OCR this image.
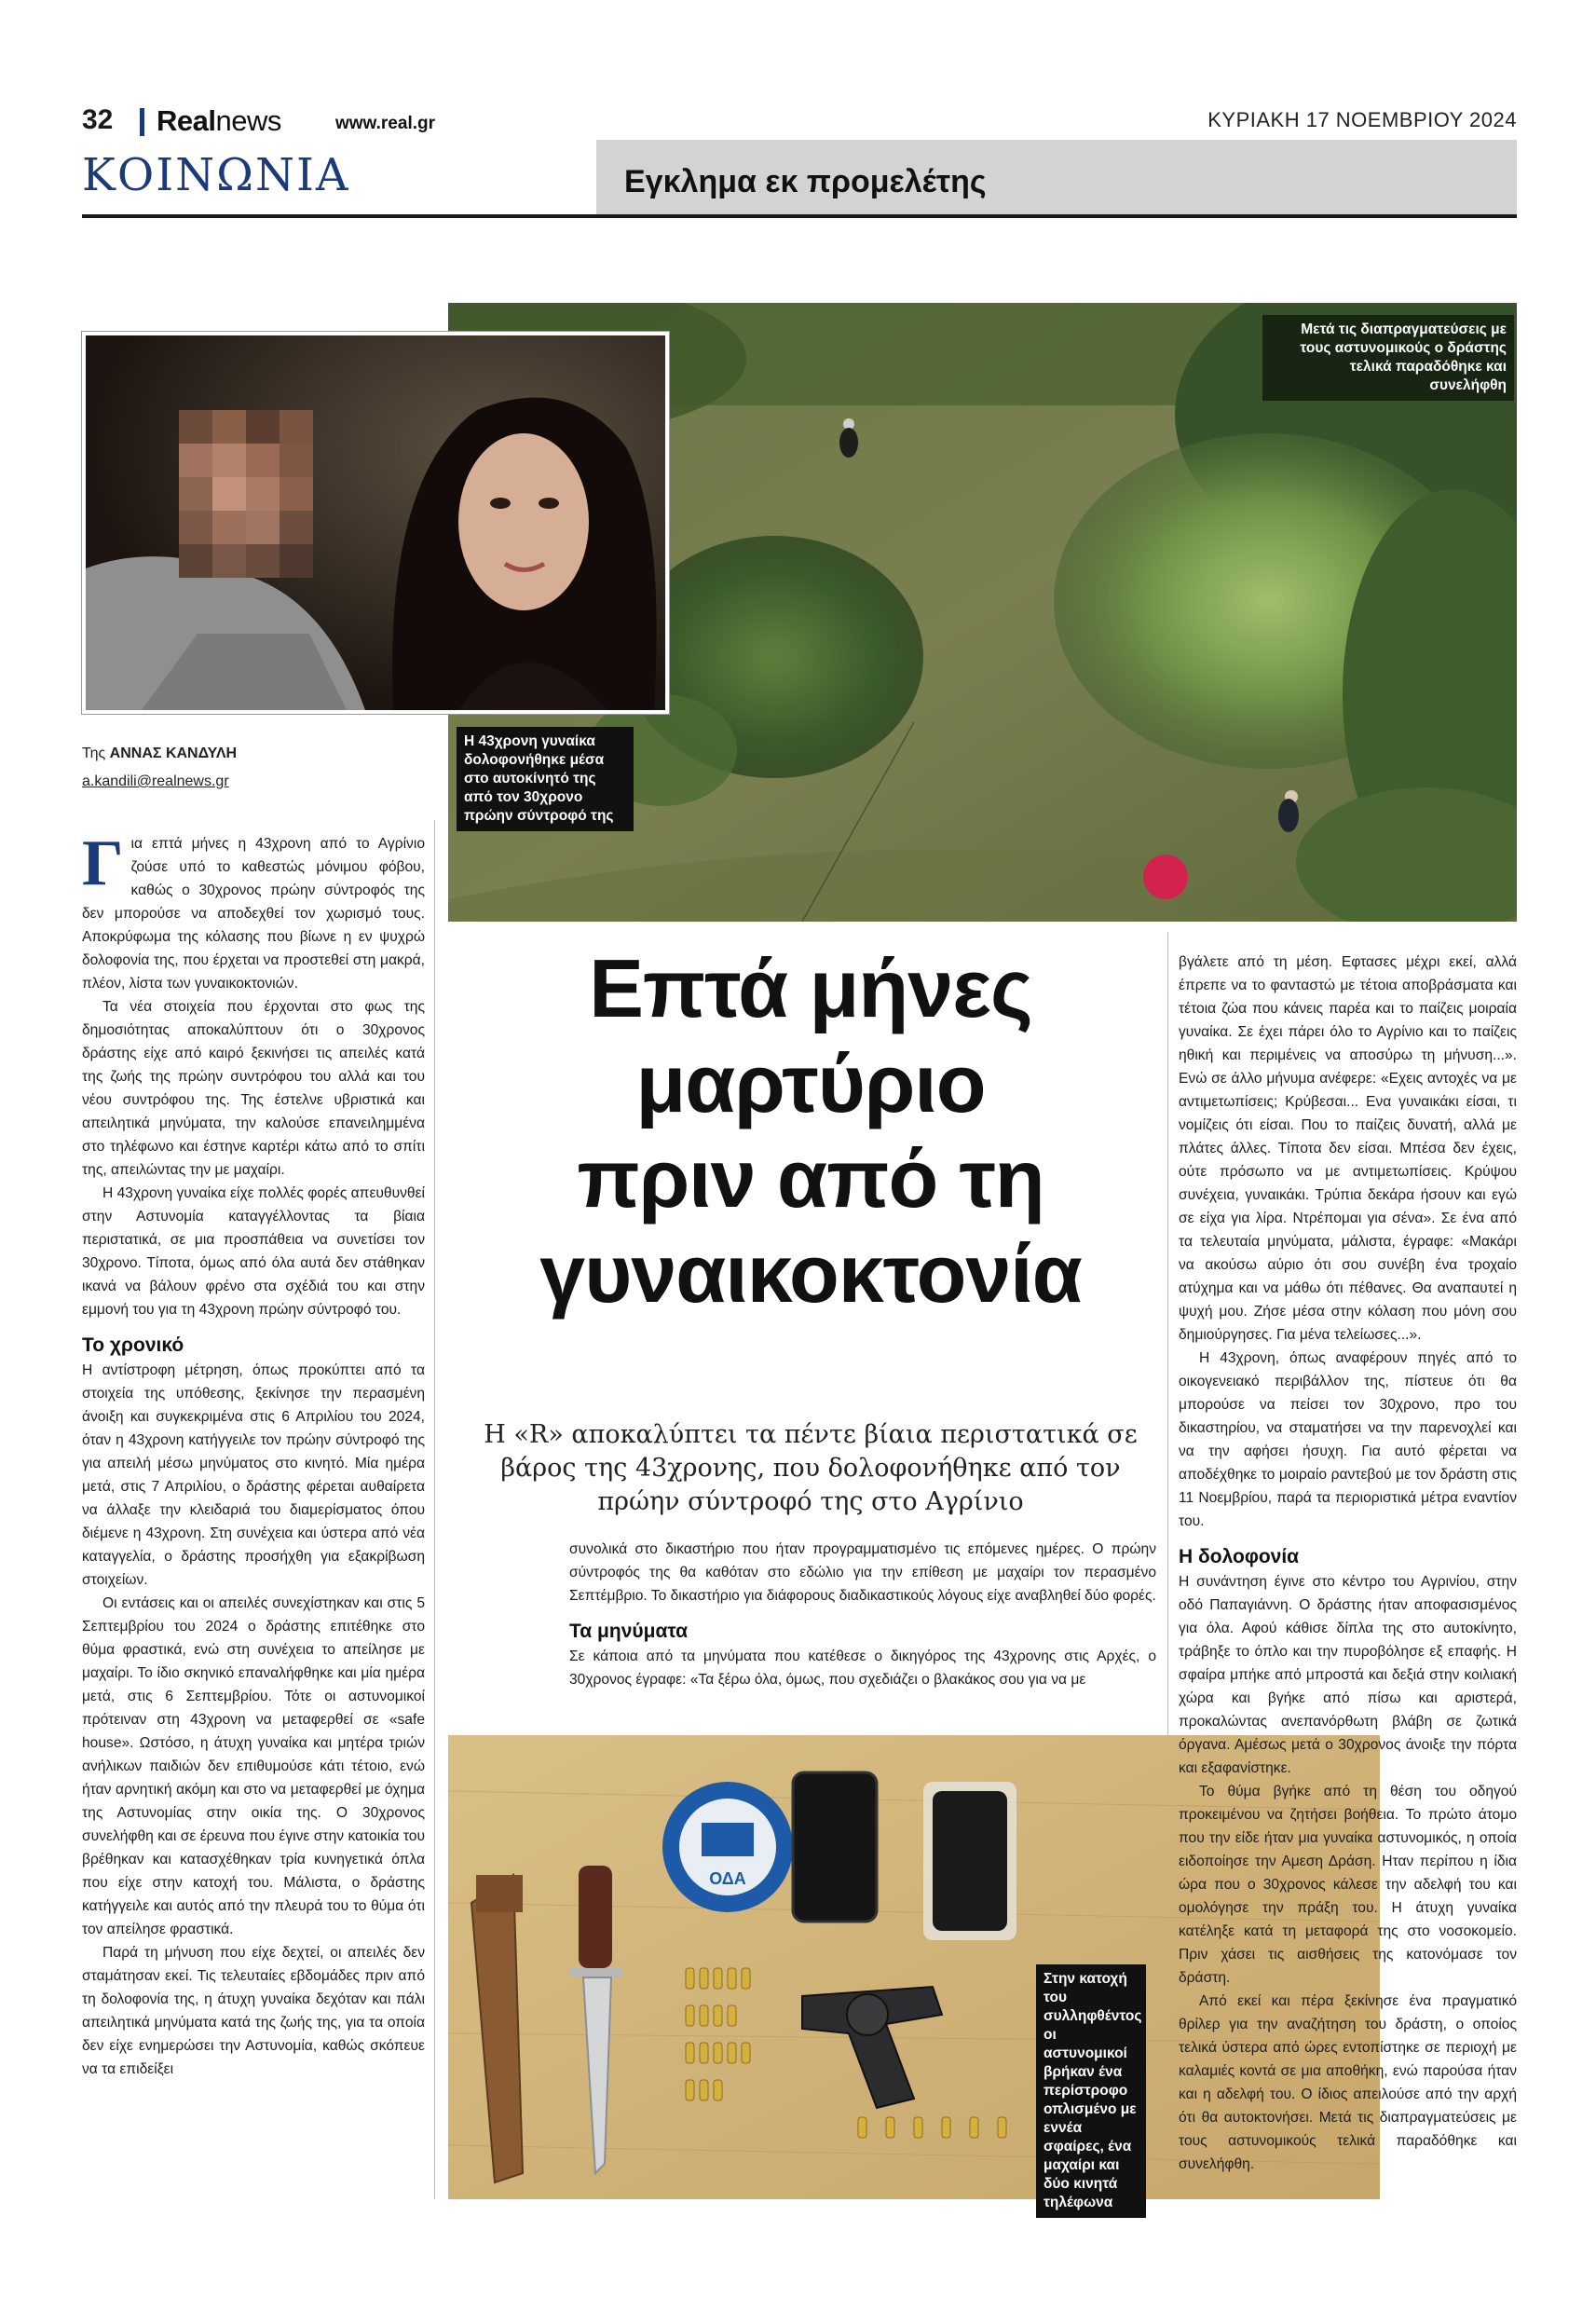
32 Realnews	www.real.gr	ΚΥΡΙΑΚΗ 17 ΝΟΕΜΒΡΙΟΥ 2024
ΚΟΙΝΩΝΙΑ	Εγκλημα εκ προμελέτης
Η 43χρονη γυναίκα δολοφονήθηκε μέσα στο αυτοκίνητό της από τον 30χρονο πρώην σύντροφό της
Μετά τις διαπραγματεύσεις με τους αστυνομικούς ο δράστης τελικά παραδόθηκε και συνελήφθη
Της ΑΝΝΑΣ ΚΑΝΔΥΛΗ
a.kandili@realnews.gr
Επτά μήνες
μαρτύριο
πριν από τη
γυναικοκτονία
Η «R» αποκαλύπτει τα πέντε βίαια περιστατικά σε βάρος της 43χρονης, που δολοφονήθηκε από τον πρώην σύντροφό της στο Αγρίνιο

Για επτά μήνες η 43χρονη από το Αγρίνιο ζούσε υπό το καθεστώς μόνιμου φόβου, καθώς ο 30χρονος πρώην σύντροφός της δεν μπορούσε να αποδεχθεί τον χωρισμό τους. Αποκρύφωμα της κόλασης που βίωνε η εν ψυχρώ δολοφονία της, που έρχεται να προστεθεί στη μακρά, πλέον, λίστα των γυναικοκτονιών.

Τα νέα στοιχεία που έρχονται στο φως της δημοσιότητας αποκαλύπτουν ότι ο 30χρονος δράστης είχε από καιρό ξεκινήσει τις απειλές κατά της ζωής της πρώην συντρόφου του αλλά και του νέου συντρόφου της. Της έστελνε υβριστικά και απειλητικά μηνύματα, την καλούσε επανειλημμένα στο τηλέφωνο και έστηνε καρτέρι κάτω από το σπίτι της, απειλώντας την με μαχαίρι.

Η 43χρονη γυναίκα είχε πολλές φορές απευθυνθεί στην Αστυνομία καταγγέλλοντας τα βίαια περιστατικά, σε μια προσπάθεια να συνετίσει τον 30χρονο. Τίποτα, όμως από όλα αυτά δεν στάθηκαν ικανά να βάλουν φρένο στα σχέδιά του και στην εμμονή του για τη 43χρονη πρώην σύντροφό του.

Το χρονικό

Η αντίστροφη μέτρηση, όπως προκύπτει από τα στοιχεία της υπόθεσης, ξεκίνησε την περασμένη άνοιξη και συγκεκριμένα στις 6 Απριλίου του 2024, όταν η 43χρονη κατήγγειλε τον πρώην σύντροφό της για απειλή μέσω μηνύματος στο κινητό. Μία ημέρα μετά, στις 7 Απριλίου, ο δράστης φέρεται αυθαίρετα να άλλαξε την κλειδαριά του διαμερίσματος όπου διέμενε η 43χρονη. Στη συνέχεια και ύστερα από νέα καταγγελία, ο δράστης προσήχθη για εξακρίβωση στοιχείων.

Οι εντάσεις και οι απειλές συνεχίστηκαν και στις 5 Σεπτεμβρίου του 2024 ο δράστης επιτέθηκε στο θύμα φραστικά, ενώ στη συνέχεια το απείλησε με μαχαίρι. Το ίδιο σκηνικό επαναλήφθηκε και μία ημέρα μετά, στις 6 Σεπτεμβρίου. Τότε οι αστυνομικοί πρότειναν στη 43χρονη να μεταφερθεί σε «safe house». Ωστόσο, η άτυχη γυναίκα και μητέρα τριών ανήλικων παιδιών δεν επιθυμούσε κάτι τέτοιο, ενώ ήταν αρνητική ακόμη και στο να μεταφερθεί με όχημα της Αστυνομίας στην οικία της. Ο 30χρονος συνελήφθη και σε έρευνα που έγινε στην κατοικία του βρέθηκαν και κατασχέθηκαν τρία κυνηγετικά όπλα που είχε στην κατοχή του. Μάλιστα, ο δράστης κατήγγειλε και αυτός από την πλευρά του το θύμα ότι τον απείλησε φραστικά.

Παρά τη μήνυση που είχε δεχτεί, οι απειλές δεν σταμάτησαν εκεί. Τις τελευταίες εβδομάδες πριν από τη δολοφονία της, η άτυχη γυναίκα δεχόταν και πάλι απειλητικά μηνύματα κατά της ζωής της, για τα οποία δεν είχε ενημερώσει την Αστυνομία, καθώς σκόπευε να τα επιδείξει

συνολικά στο δικαστήριο που ήταν προγραμματισμένο τις επόμενες ημέρες. Ο πρώην σύντροφός της θα καθόταν στο εδώλιο για την επίθεση με μαχαίρι τον περασμένο Σεπτέμβριο. Το δικαστήριο για διάφορους διαδικαστικούς λόγους είχε αναβληθεί δύο φορές.

Τα μηνύματα

Σε κάποια από τα μηνύματα που κατέθεσε ο δικηγόρος της 43χρονης στις Αρχές, ο 30χρονος έγραφε: «Τα ξέρω όλα, όμως, που σχεδιάζει ο βλακάκος σου για να με

ΟΔΑ
Στην κατοχή του συλληφθέντος οι αστυνομικοί βρήκαν ένα περίστροφο οπλισμένο με εννέα σφαίρες, ένα μαχαίρι και δύο κινητά τηλέφωνα

βγάλετε από τη μέση. Εφτασες μέχρι εκεί, αλλά έπρεπε να το φανταστώ με τέτοια αποβράσματα και τέτοια ζώα που κάνεις παρέα και το παίζεις μοιραία γυναίκα. Σε έχει πάρει όλο το Αγρίνιο και το παίζεις ηθική και περιμένεις να αποσύρω τη μήνυση...». Ενώ σε άλλο μήνυμα ανέφερε: «Εχεις αντοχές να με αντιμετωπίσεις; Κρύβεσαι... Ενα γυναικάκι είσαι, τι νομίζεις ότι είσαι. Που το παίζεις δυνατή, αλλά με πλάτες άλλες. Τίποτα δεν είσαι. Μπέσα δεν έχεις, ούτε πρόσωπο να με αντιμετωπίσεις. Κρύψου συνέχεια, γυναικάκι. Τρύπια δεκάρα ήσουν και εγώ σε είχα για λίρα. Ντρέπομαι για σένα». Σε ένα από τα τελευταία μηνύματα, μάλιστα, έγραφε: «Μακάρι να ακούσω αύριο ότι σου συνέβη ένα τροχαίο ατύχημα και να μάθω ότι πέθανες. Θα αναπαυτεί η ψυχή μου. Ζήσε μέσα στην κόλαση που μόνη σου δημιούργησες. Για μένα τελείωσες...».

Η 43χρονη, όπως αναφέρουν πηγές από το οικογενειακό περιβάλλον της, πίστευε ότι θα μπορούσε να πείσει τον 30χρονο, προ του δικαστηρίου, να σταματήσει να την παρενοχλεί και να την αφήσει ήσυχη. Για αυτό φέρεται να αποδέχθηκε το μοιραίο ραντεβού με τον δράστη στις 11 Νοεμβρίου, παρά τα περιοριστικά μέτρα εναντίον του.

Η δολοφονία

Η συνάντηση έγινε στο κέντρο του Αγρινίου, στην οδό Παπαγιάννη. Ο δράστης ήταν αποφασισμένος για όλα. Αφού κάθισε δίπλα της στο αυτοκίνητο, τράβηξε το όπλο και την πυροβόλησε εξ επαφής. Η σφαίρα μπήκε από μπροστά και δεξιά στην κοιλιακή χώρα και βγήκε από πίσω και αριστερά, προκαλώντας ανεπανόρθωτη βλάβη σε ζωτικά όργανα. Αμέσως μετά ο 30χρονος άνοιξε την πόρτα και εξαφανίστηκε.

Το θύμα βγήκε από τη θέση του οδηγού προκειμένου να ζητήσει βοήθεια. Το πρώτο άτομο που την είδε ήταν μια γυναίκα αστυνομικός, η οποία ειδοποίησε την Αμεση Δράση. Ηταν περίπου η ίδια ώρα που ο 30χρονος κάλεσε την αδελφή του και ομολόγησε την πράξη του. Η άτυχη γυναίκα κατέληξε κατά τη μεταφορά της στο νοσοκομείο. Πριν χάσει τις αισθήσεις της κατονόμασε τον δράστη.

Από εκεί και πέρα ξεκίνησε ένα πραγματικό θρίλερ για την αναζήτηση του δράστη, ο οποίος τελικά ύστερα από ώρες εντοπίστηκε σε περιοχή με καλαμιές κοντά σε μια αποθήκη, ενώ παρούσα ήταν και η αδελφή του. Ο ίδιος απειλούσε από την αρχή ότι θα αυτοκτονήσει. Μετά τις διαπραγματεύσεις με τους αστυνομικούς τελικά παραδόθηκε και συνελήφθη.
